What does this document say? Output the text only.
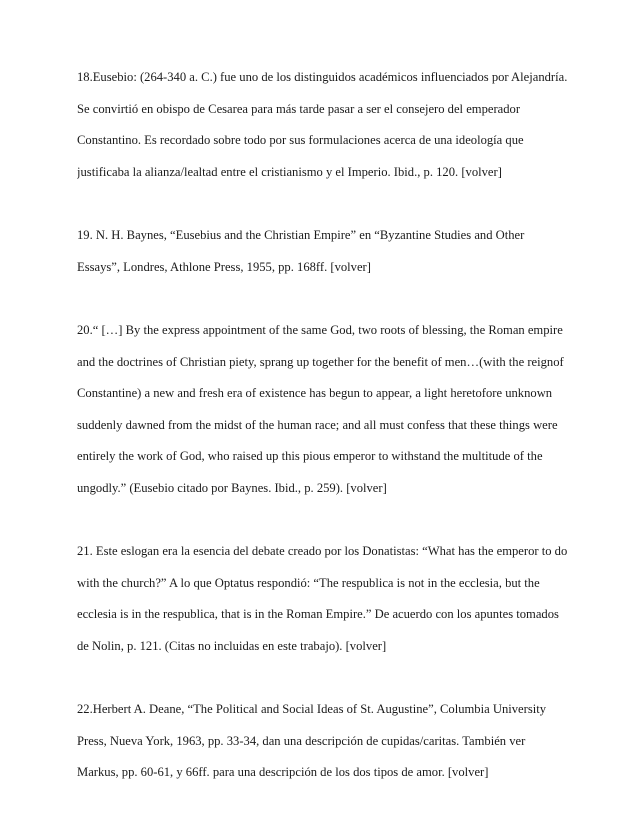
18.Eusebio: (264-340 a. C.) fue uno de los distinguidos académicos influenciados por Alejandría.
Se convirtió en obispo de Cesarea para más tarde pasar a ser el consejero del emperador
Constantino. Es recordado sobre todo por sus formulaciones acerca de una ideología que
justificaba la alianza/lealtad entre el cristianismo y el Imperio. Ibid., p. 120. [volver]
19. N. H. Baynes, “Eusebius and the Christian Empire” en “Byzantine Studies and Other
Essays”, Londres, Athlone Press, 1955, pp. 168ff. [volver]
20.“ […] By the express appointment of the same God, two roots of blessing, the Roman empire
and the doctrines of Christian piety, sprang up together for the benefit of men…(with the reignof
Constantine) a new and fresh era of existence has begun to appear, a light heretofore unknown
suddenly dawned from the midst of the human race; and all must confess that these things were
entirely the work of God, who raised up this pious emperor to withstand the multitude of the
ungodly.” (Eusebio citado por Baynes. Ibid., p. 259). [volver]
21. Este eslogan era la esencia del debate creado por los Donatistas: “What has the emperor to do
with the church?” A lo que Optatus respondió: “The respublica is not in the ecclesia, but the
ecclesia is in the respublica, that is in the Roman Empire.” De acuerdo con los apuntes tomados
de Nolin, p. 121. (Citas no incluidas en este trabajo). [volver]
22.Herbert A. Deane, “The Political and Social Ideas of St. Augustine”, Columbia University
Press, Nueva York, 1963, pp. 33-34, dan una descripción de cupidas/caritas. También ver
Markus, pp. 60-61, y 66ff. para una descripción de los dos tipos de amor. [volver]
